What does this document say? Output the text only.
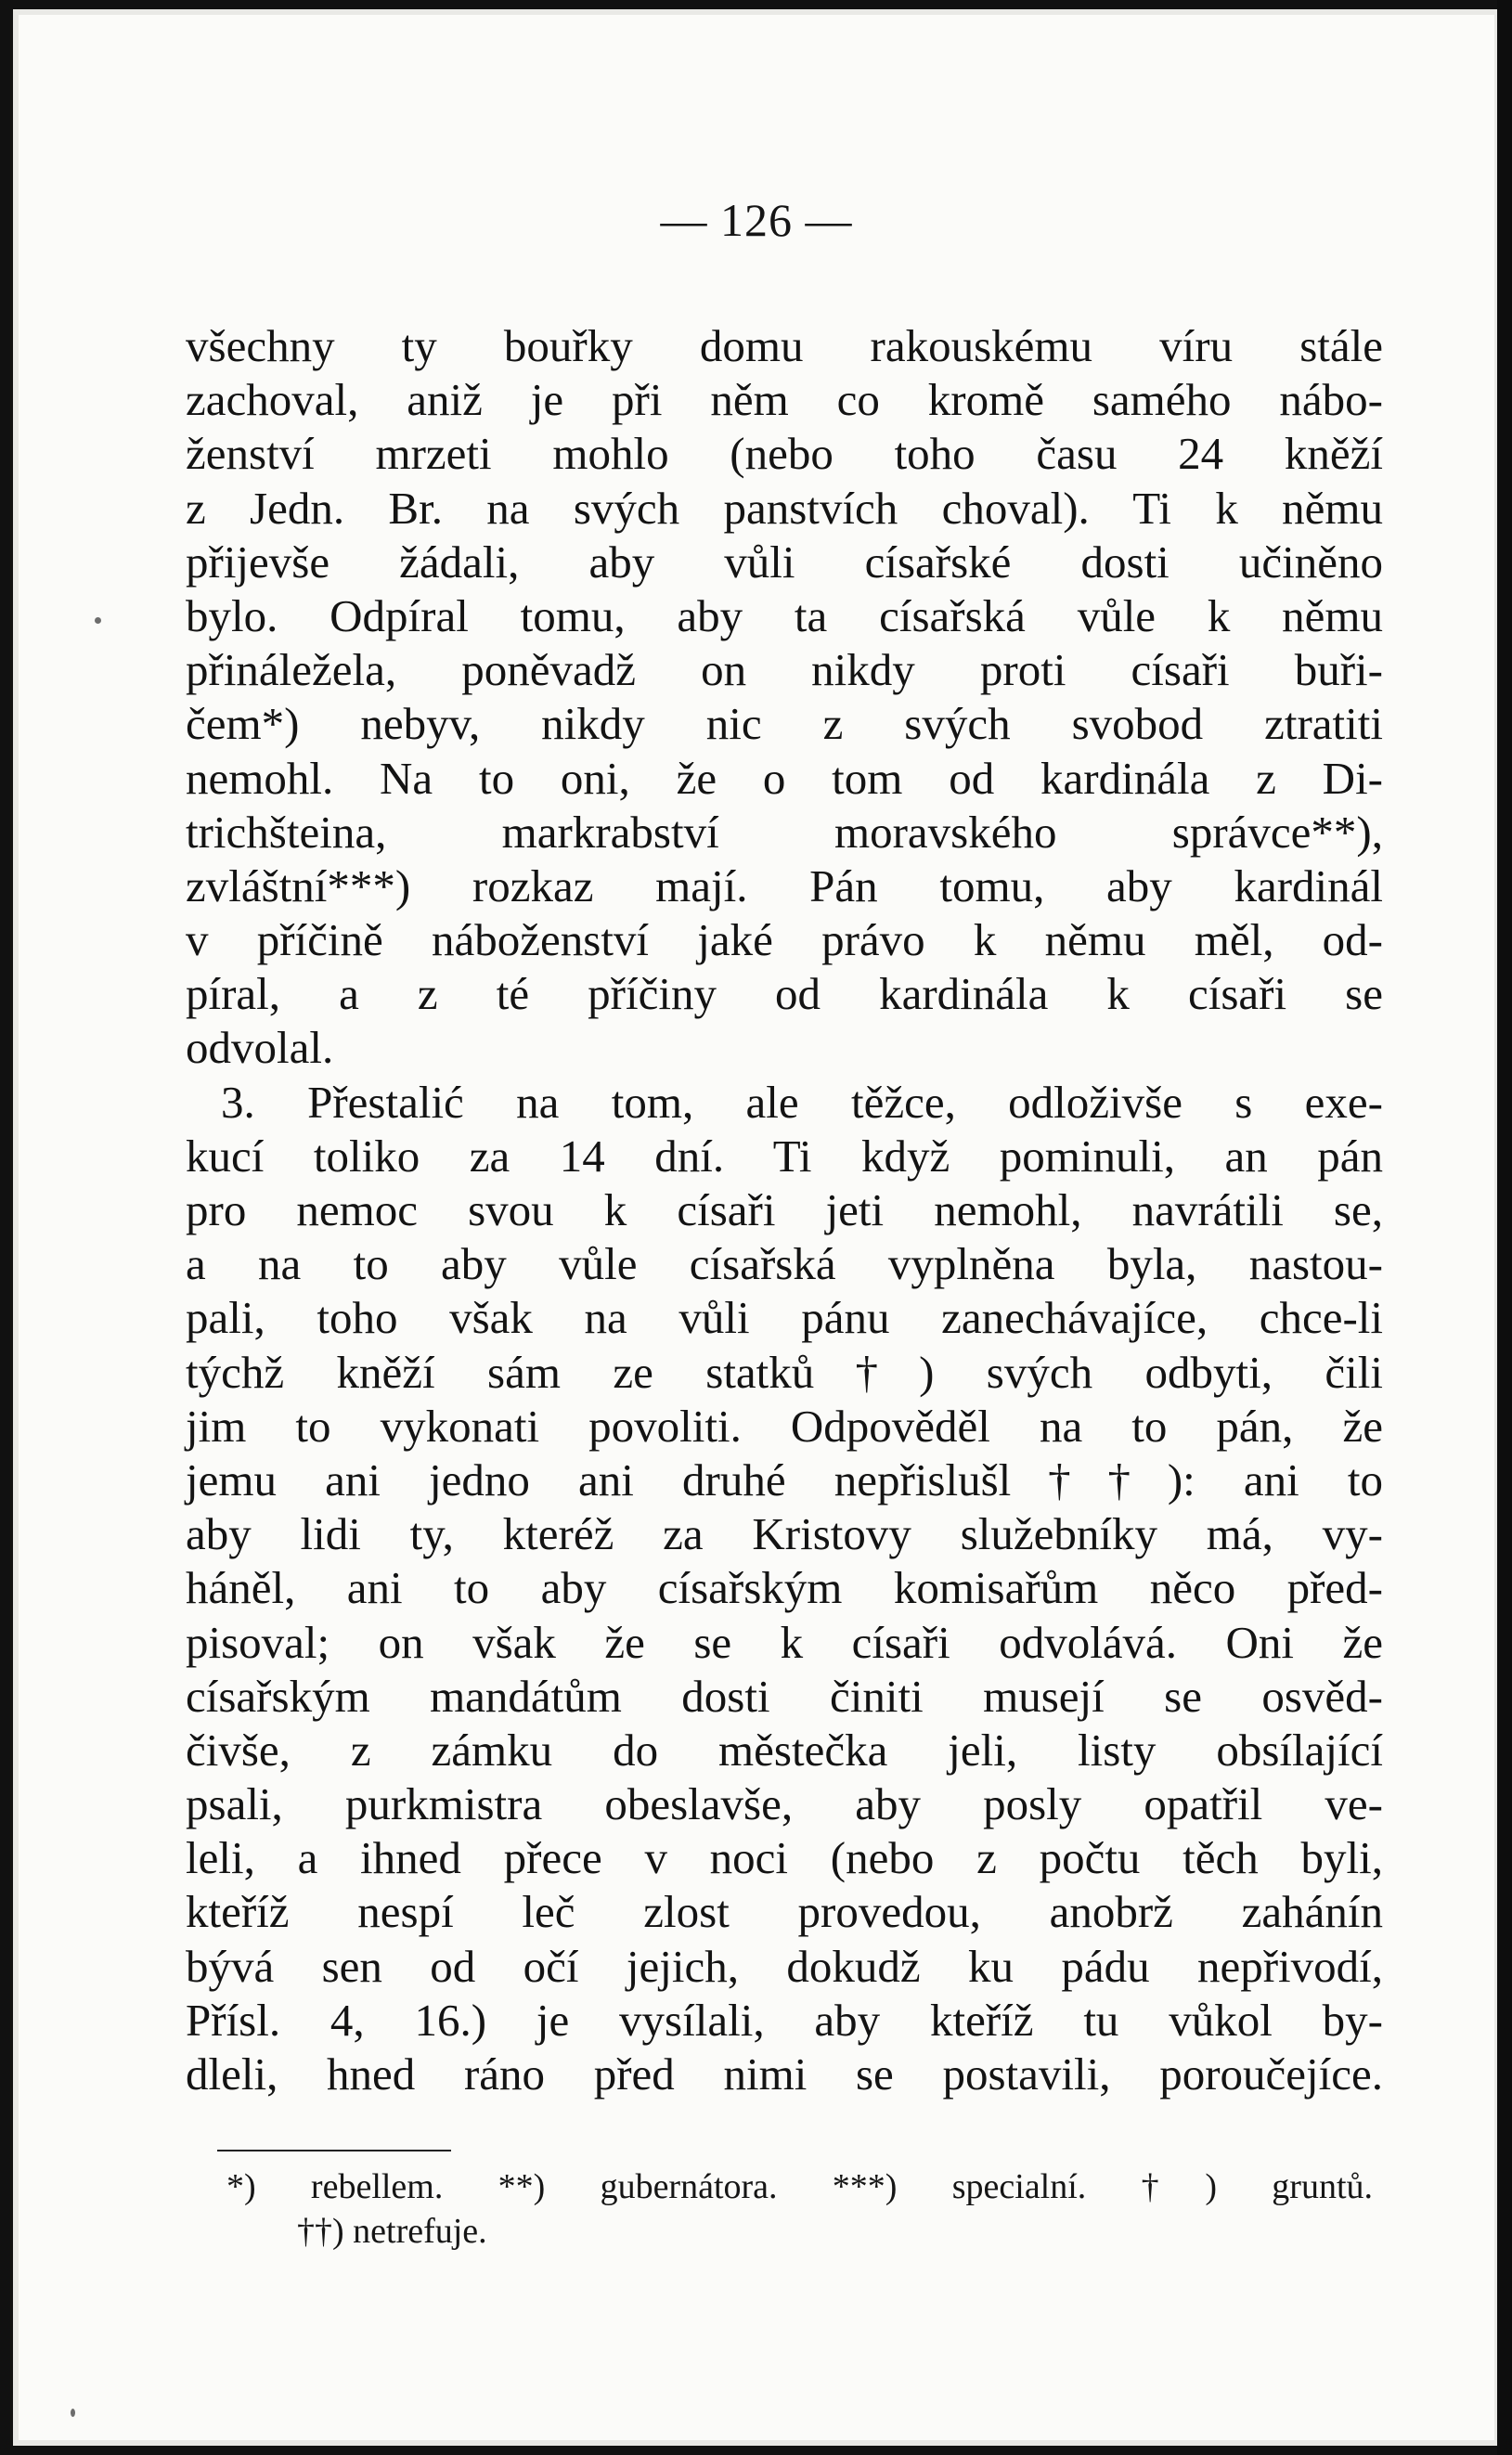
— 126 —
všechny ty bouřky domu rakouskému víru stále
zachoval, aniž je při něm co kromě samého nábo-
ženství mrzeti mohlo (nebo toho času 24 kněží
z Jedn. Br. na svých panstvích choval). Ti k němu
přijevše žádali, aby vůli císařské dosti učiněno
bylo. Odpíral tomu, aby ta císařská vůle k němu
přináležela, poněvadž on nikdy proti císaři buři-
čem*) nebyv, nikdy nic z svých svobod ztratiti
nemohl. Na to oni, že o tom od kardinála z Di-
trichšteina, markrabství moravského správce**),
zvláštní***) rozkaz mají. Pán tomu, aby kardinál
v příčině náboženství jaké právo k němu měl, od-
píral, a z té příčiny od kardinála k císaři se
odvolal.
3. Přestalić na tom, ale těžce, odloživše s exe-
kucí toliko za 14 dní. Ti když pominuli, an pán
pro nemoc svou k císaři jeti nemohl, navrátili se,
a na to aby vůle císařská vyplněna byla, nastou-
pali, toho však na vůli pánu zanechávajíce, chce-li
týchž kněží sám ze statků†) svých odbyti, čili
jim to vykonati povoliti. Odpověděl na to pán, že
jemu ani jedno ani druhé nepřislušl††): ani to
aby lidi ty, kteréž za Kristovy služebníky má, vy-
háněl, ani to aby císařským komisařům něco před-
pisoval; on však že se k císaři odvolává. Oni že
císařským mandátům dosti činiti musejí se osvěd-
čivše, z zámku do městečka jeli, listy obsílající
psali, purkmistra obeslavše, aby posly opatřil ve-
leli, a ihned přece v noci (nebo z počtu těch byli,
kteříž nespí leč zlost provedou, anobrž zahánín
bývá sen od očí jejich, dokudž ku pádu nepřivodí,
Přísl. 4, 16.) je vysílali, aby kteříž tu vůkol by-
dleli, hned ráno před nimi se postavili, poroučejíce.
*) rebellem. **) gubernátora. ***) specialní. †) gruntů.
††) netrefuje.
